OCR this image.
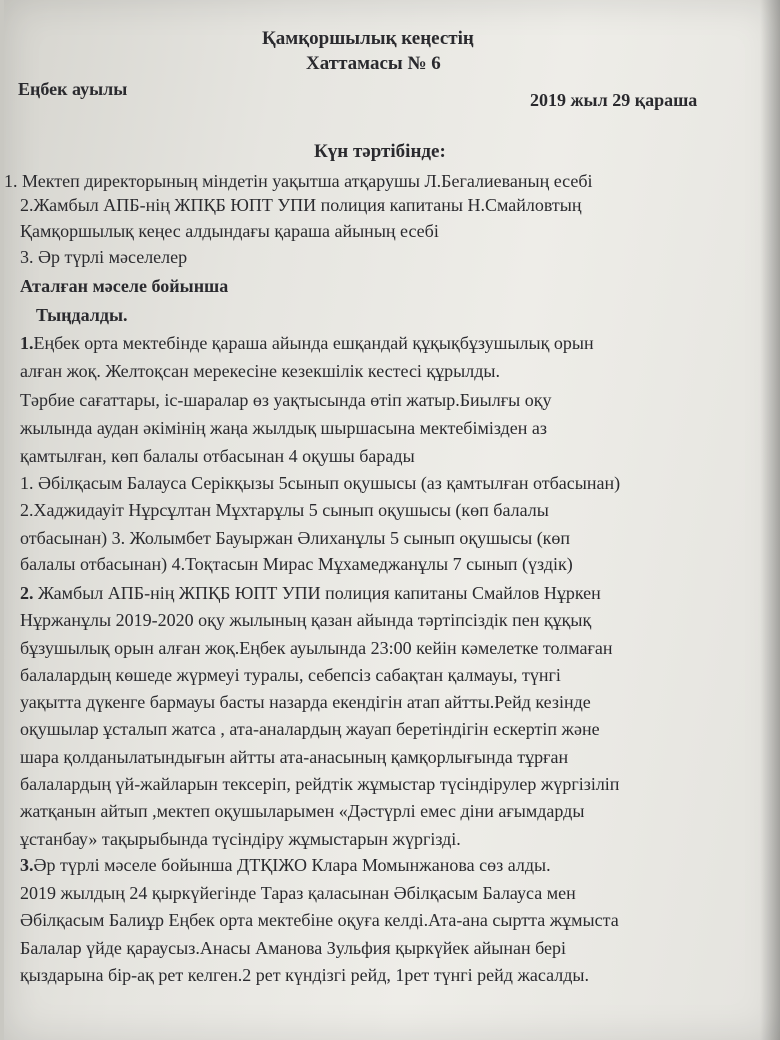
Қамқоршылық кеңестің
Хаттамасы № 6
Еңбек ауылы
2019 жыл 29 қараша
Күн тәртібінде:
1. Мектеп директорының міндетін уақытша атқарушы Л.Бегалиеваның есебі
2.Жамбыл АПБ-нің ЖПҚБ ЮПТ УПИ полиция капитаны Н.Смайловтың
Қамқоршылық кеңес алдындағы қараша айының есебі
3. Әр түрлі мәселелер
Аталған мәселе бойынша
Тыңдалды.
1.Еңбек орта мектебінде қараша айында ешқандай құқықбұзушылық орын
алған жоқ. Желтоқсан мерекесіне кезекшілік кестесі құрылды.
Тәрбие сағаттары, іс-шаралар өз уақтысында өтіп жатыр.Биылғы оқу
жылында аудан әкімінің жаңа жылдық шыршасына мектебімізден аз
қамтылған, көп балалы отбасынан 4 оқушы барады
1. Әбілқасым Балауса Серікқызы 5сынып оқушысы (аз қамтылған отбасынан)
2.Хаджидауіт Нұрсұлтан Мұхтарұлы 5 сынып оқушысы (көп балалы
отбасынан) 3. Жолымбет Бауыржан Әлиханұлы 5 сынып оқушысы (көп
балалы отбасынан) 4.Тоқтасын Мирас Мұхамеджанұлы 7 сынып (үздік)
2. Жамбыл АПБ-нің ЖПҚБ ЮПТ УПИ полиция капитаны Смайлов Нұркен
Нұржанұлы 2019-2020 оқу жылының қазан айында тәртіпсіздік пен құқық
бұзушылық орын алған жоқ.Еңбек ауылында 23:00 кейін кәмелетке толмаған
балалардың көшеде жүрмеуі туралы, себепсіз сабақтан қалмауы, түнгі
уақытта дүкенге бармауы басты назарда екендігін атап айтты.Рейд кезінде
оқушылар ұсталып жатса , ата-аналардың жауап беретіндігін ескертіп және
шара қолданылатындығын айтты ата-анасының қамқорлығында тұрған
балалардың үй-жайларын тексеріп, рейдтік жұмыстар түсіндірулер жүргізіліп
жатқанын айтып ,мектеп оқушыларымен «Дәстүрлі емес діни ағымдарды
ұстанбау» тақырыбында түсіндіру жұмыстарын жүргізді.
3.Әр түрлі мәселе бойынша ДТҚІЖО Клара Момынжанова сөз алды.
2019 жылдың 24 қыркүйегінде Тараз қаласынан Әбілқасым Балауса мен
Әбілқасым Балиұр Еңбек орта мектебіне оқуға келді.Ата-ана сыртта жұмыста
Балалар үйде қараусыз.Анасы Аманова Зульфия қыркүйек айынан бері
қыздарына бір-ақ рет келген.2 рет күндізгі рейд, 1рет түнгі рейд жасалды.
